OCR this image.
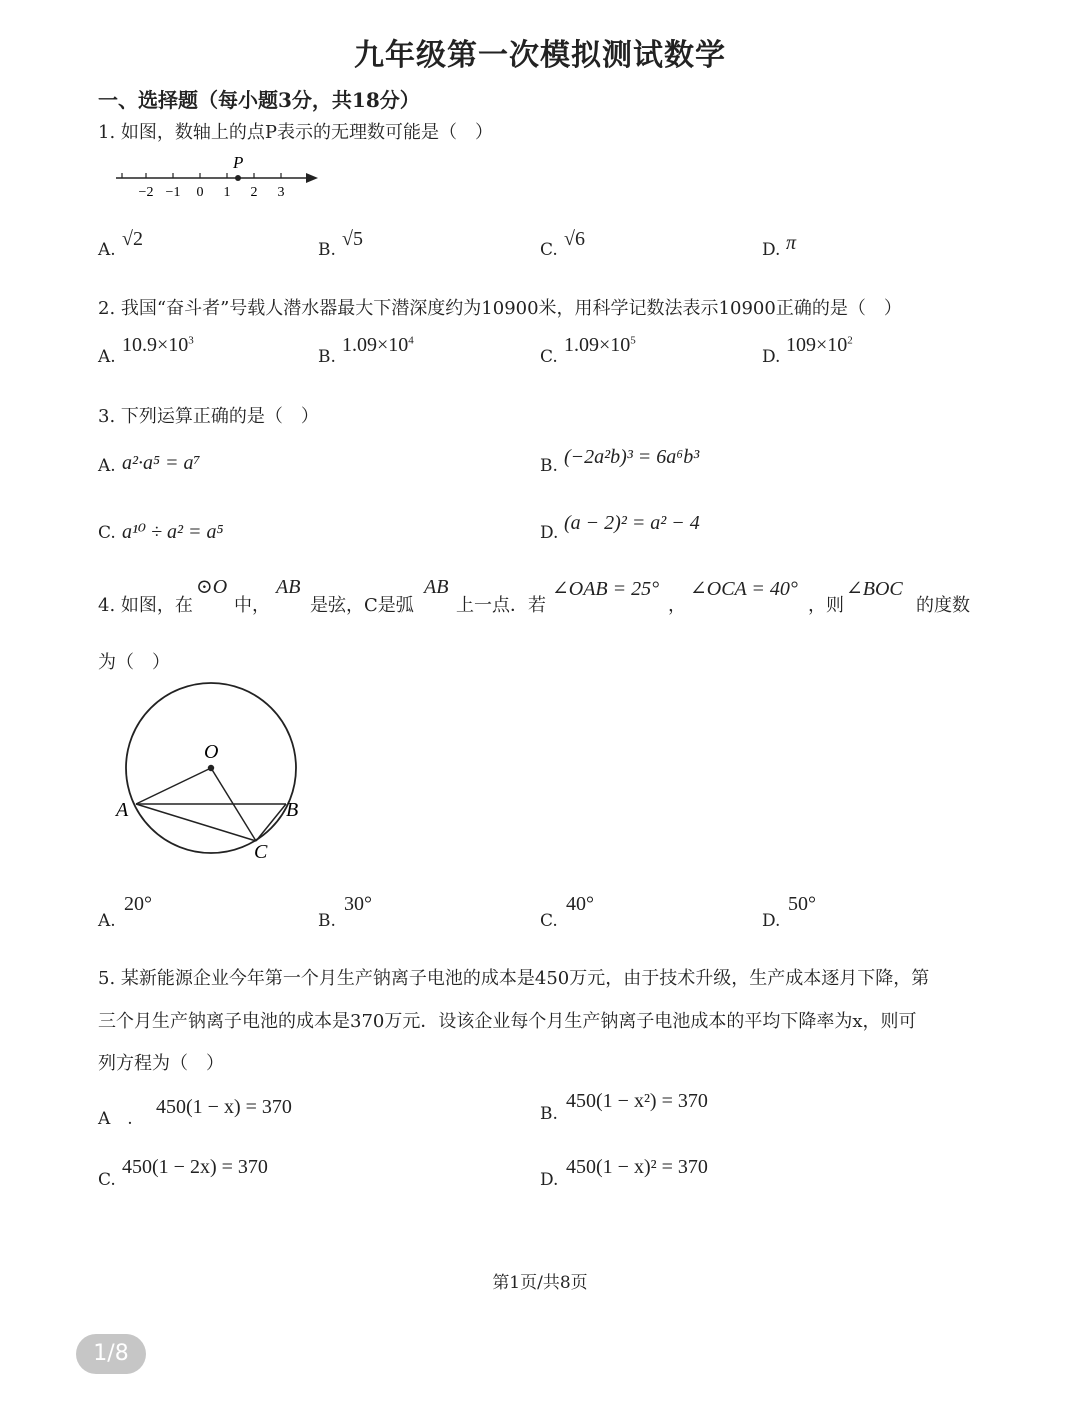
九年级第一次模拟测试数学
一、选择题（每小题3分，共18分）
1. 如图，数轴上的点P表示的无理数可能是（　）
−2 −1 0 1 2 3
P
A. √2	B. √5	C. √6	D. π
2. 我国“奋斗者”号载人潜水器最大下潜深度约为10900米，用科学记数法表示10900正确的是（　）
A.
$10.9\times 10^3$
B.
$1.09\times 10^4$
C.
$1.09\times 10^5$
D.
$109\times 10^2$
3. 下列运算正确的是（　）
A. a²·a⁵ = a⁷	B. (−2a²b)³ = 6a⁶b³
C. a¹⁰ ÷ a² = a⁵	D. (a − 2)² = a² − 4
4. 如图，在
⊙O
中，
AB
是弦，C是弧
AB
上一点．若
∠OAB = 25°
，
∠OCA = 40°
，则
∠BOC
的度数
为（　）
O
A	B
C
A.
20°
B.
30°
C.
40°
D.
50°
5. 某新能源企业今年第一个月生产钠离子电池的成本是450万元，由于技术升级，生产成本逐月下降，第
三个月生产钠离子电池的成本是370万元．设该企业每个月生产钠离子电池成本的平均下降率为x，则可
列方程为（　）
A　.
450(1 − x) = 370	B.
450(1 − x²) = 370
C.
450(1 − 2x) = 370
D.
450(1 − x)² = 370
第1页/共8页
1/8
